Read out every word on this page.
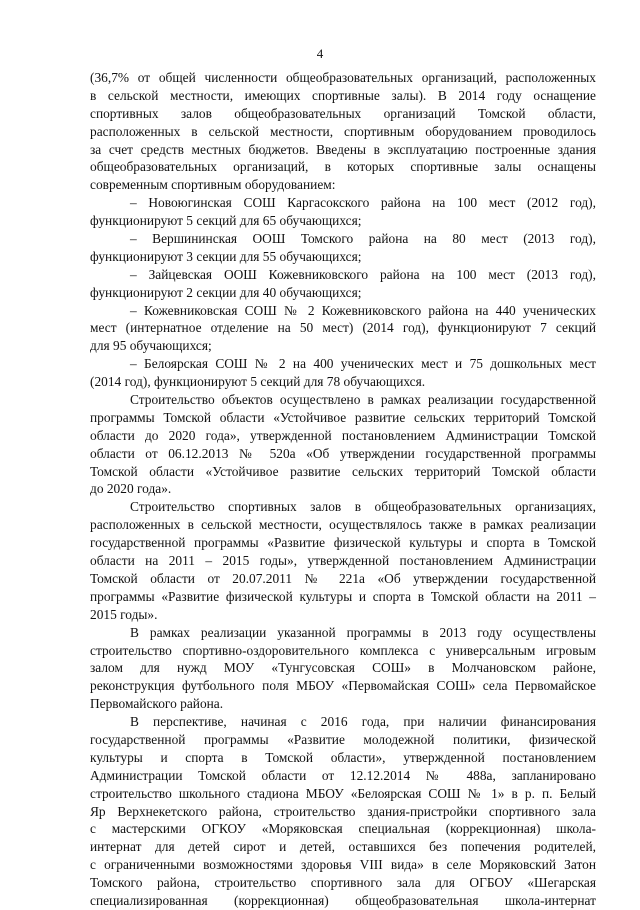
4
(36,7% от общей численности общеобразовательных организаций, расположенных
в сельской местности, имеющих спортивные залы). В 2014 году оснащение
спортивных залов общеобразовательных организаций Томской области,
расположенных в сельской местности, спортивным оборудованием проводилось
за счет средств местных бюджетов. Введены в эксплуатацию построенные здания
общеобразовательных организаций, в которых спортивные залы оснащены
современным спортивным оборудованием:
– Новоюгинская СОШ Каргасокского района на 100 мест (2012 год),
функционируют 5 секций для 65 обучающихся;
– Вершининская ООШ Томского района на 80 мест (2013 год),
функционируют 3 секции для 55 обучающихся;
– Зайцевская ООШ Кожевниковского района на 100 мест (2013 год),
функционируют 2 секции для 40 обучающихся;
– Кожевниковская СОШ № 2 Кожевниковского района на 440 ученических
мест (интернатное отделение на 50 мест) (2014 год), функционируют 7 секций
для 95 обучающихся;
– Белоярская СОШ № 2 на 400 ученических мест и 75 дошкольных мест
(2014 год), функционируют 5 секций для 78 обучающихся.
Строительство объектов осуществлено в рамках реализации государственной
программы Томской области «Устойчивое развитие сельских территорий Томской
области до 2020 года», утвержденной постановлением Администрации Томской
области от 06.12.2013 № 520а «Об утверждении государственной программы
Томской области «Устойчивое развитие сельских территорий Томской области
до 2020 года».
Строительство спортивных залов в общеобразовательных организациях,
расположенных в сельской местности, осуществлялось также в рамках реализации
государственной программы «Развитие физической культуры и спорта в Томской
области на 2011 – 2015 годы», утвержденной постановлением Администрации
Томской области от 20.07.2011 № 221а «Об утверждении государственной
программы «Развитие физической культуры и спорта в Томской области на 2011 –
2015 годы».
В рамках реализации указанной программы в 2013 году осуществлены
строительство спортивно-оздоровительного комплекса с универсальным игровым
залом для нужд МОУ «Тунгусовская СОШ» в Молчановском районе,
реконструкция футбольного поля МБОУ «Первомайская СОШ» села Первомайское
Первомайского района.
В перспективе, начиная с 2016 года, при наличии финансирования
государственной программы «Развитие молодежной политики, физической
культуры и спорта в Томской области», утвержденной постановлением
Администрации Томской области от 12.12.2014 № 488а, запланировано
строительство школьного стадиона МБОУ «Белоярская СОШ № 1» в р. п. Белый
Яр Верхнекетского района, строительство здания-пристройки спортивного зала
с мастерскими ОГКОУ «Моряковская специальная (коррекционная) школа-
интернат для детей сирот и детей, оставшихся без попечения родителей,
с ограниченными возможностями здоровья VIII вида» в селе Моряковский Затон
Томского района, строительство спортивного зала для ОГБОУ «Шегарская
специализированная (коррекционная) общеобразовательная школа-интернат
